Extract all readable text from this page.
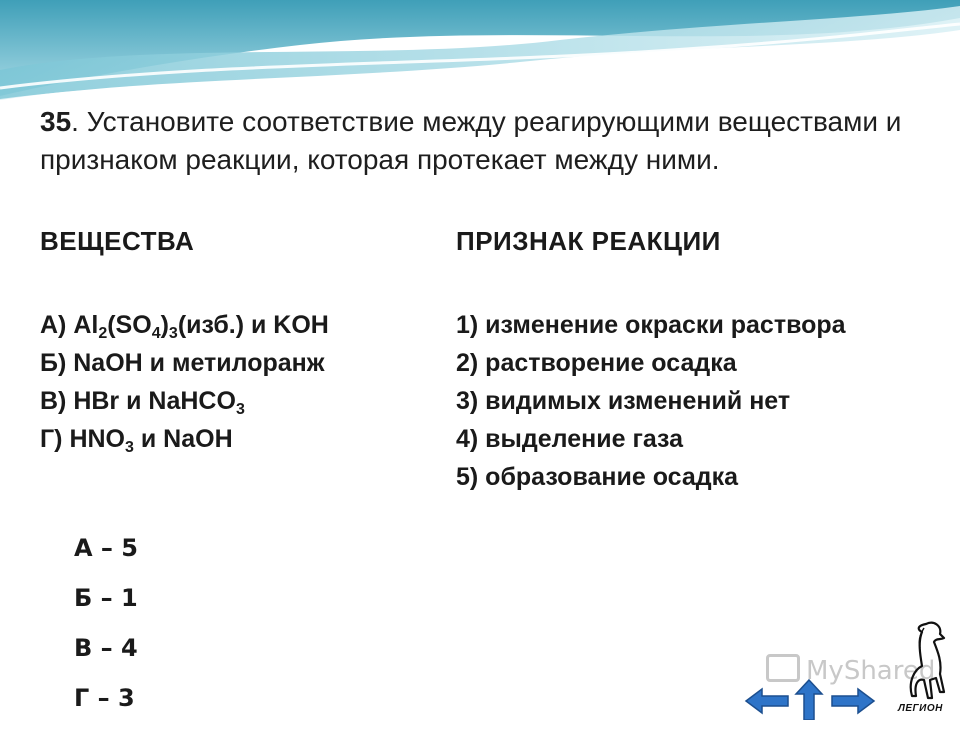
35. Установите соответствие между реагирующими веществами и признаком реакции, которая протекает между ними.
ВЕЩЕСТВА	ПРИЗНАК РЕАКЦИИ
А) $Al_2(SO_4)_3(изб.)$ и KOH
Б) NaOH и метилоранж
В) HBr и NaHCO$_3$
Г) $HNO_3$ и NaOH
1) изменение окраски раствора
2) растворение осадка
3) видимых изменений нет
4) выделение газа
5) образование осадка
А – 5
Б – 1
В – 4
Г – 3
MyShared
ЛЕГИОН
